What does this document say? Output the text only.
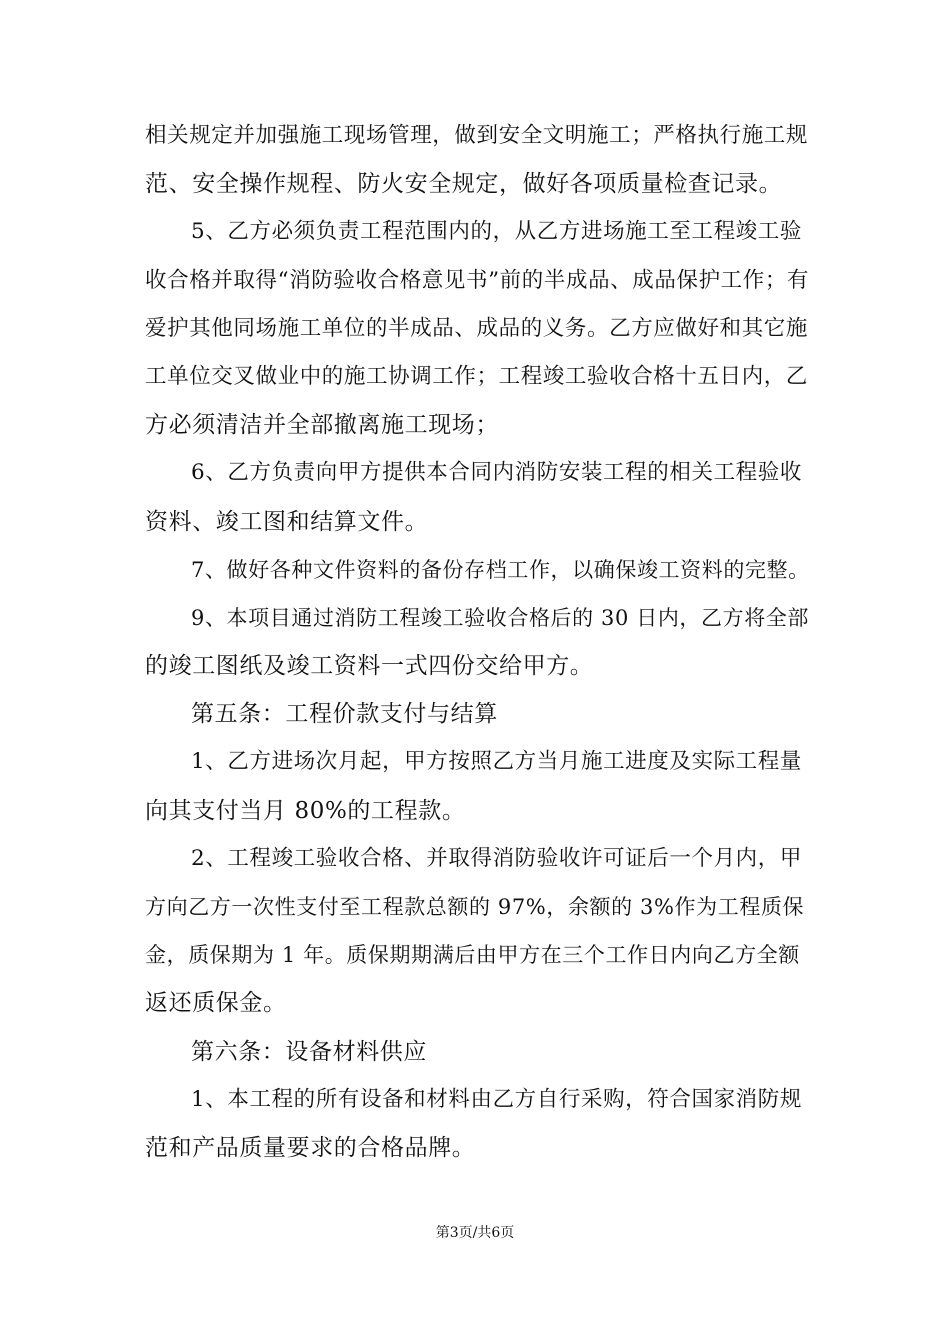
相关规定并加强施工现场管理，做到安全文明施工；严格执行施工规
范、安全操作规程、防火安全规定，做好各项质量检查记录。
5、乙方必须负责工程范围内的，从乙方进场施工至工程竣工验
收合格并取得“消防验收合格意见书”前的半成品、成品保护工作；有
爱护其他同场施工单位的半成品、成品的义务。乙方应做好和其它施
工单位交叉做业中的施工协调工作；工程竣工验收合格十五日内，乙
方必须清洁并全部撤离施工现场；
6、乙方负责向甲方提供本合同内消防安装工程的相关工程验收
资料、竣工图和结算文件。
7、做好各种文件资料的备份存档工作，以确保竣工资料的完整。
9、本项目通过消防工程竣工验收合格后的 30 日内，乙方将全部
的竣工图纸及竣工资料一式四份交给甲方。
第五条：工程价款支付与结算
1、乙方进场次月起，甲方按照乙方当月施工进度及实际工程量
向其支付当月 80%的工程款。
2、工程竣工验收合格、并取得消防验收许可证后一个月内，甲
方向乙方一次性支付至工程款总额的 97%，余额的 3%作为工程质保
金，质保期为 1 年。质保期期满后由甲方在三个工作日内向乙方全额
返还质保金。
第六条：设备材料供应
1、本工程的所有设备和材料由乙方自行采购，符合国家消防规
范和产品质量要求的合格品牌。
第3页/共6页
